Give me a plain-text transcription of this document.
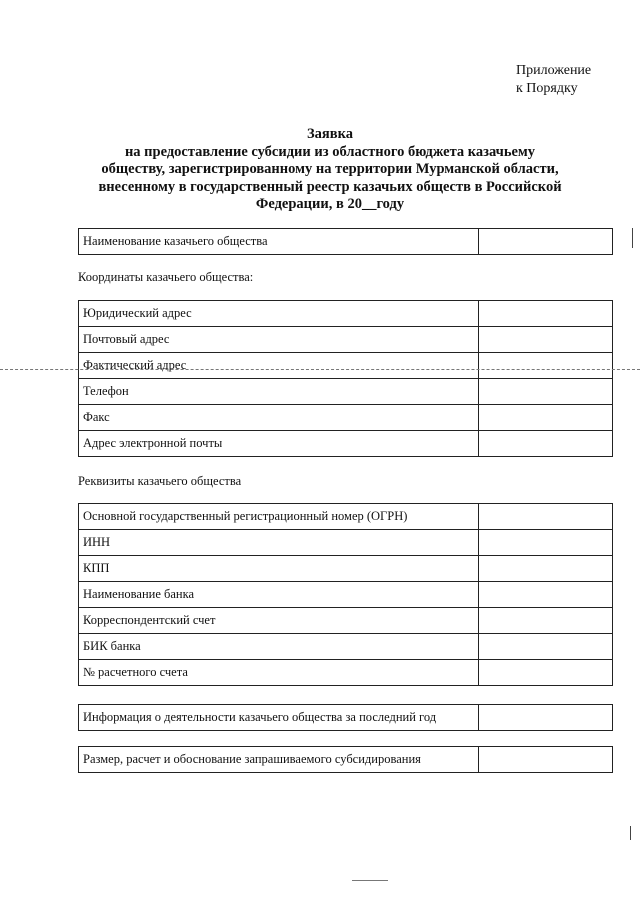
Приложение
к Порядку
Заявка
на предоставление субсидии из областного бюджета казачьему
обществу, зарегистрированному на территории Мурманской области,
внесенному в государственный реестр казачьих обществ в Российской
Федерации, в 20__году
Наименование казачьего общества	
Координаты казачьего общества:
Юридический адрес	
Почтовый адрес	
Фактический адрес	
Телефон	
Факс	
Адрес электронной почты	
Реквизиты казачьего общества
Основной государственный регистрационный номер (ОГРН)	
ИНН	
КПП	
Наименование банка	
Корреспондентский счет	
БИК банка	
№ расчетного счета	
Информация о деятельности казачьего общества за последний год	
Размер, расчет и обоснование запрашиваемого субсидирования	
